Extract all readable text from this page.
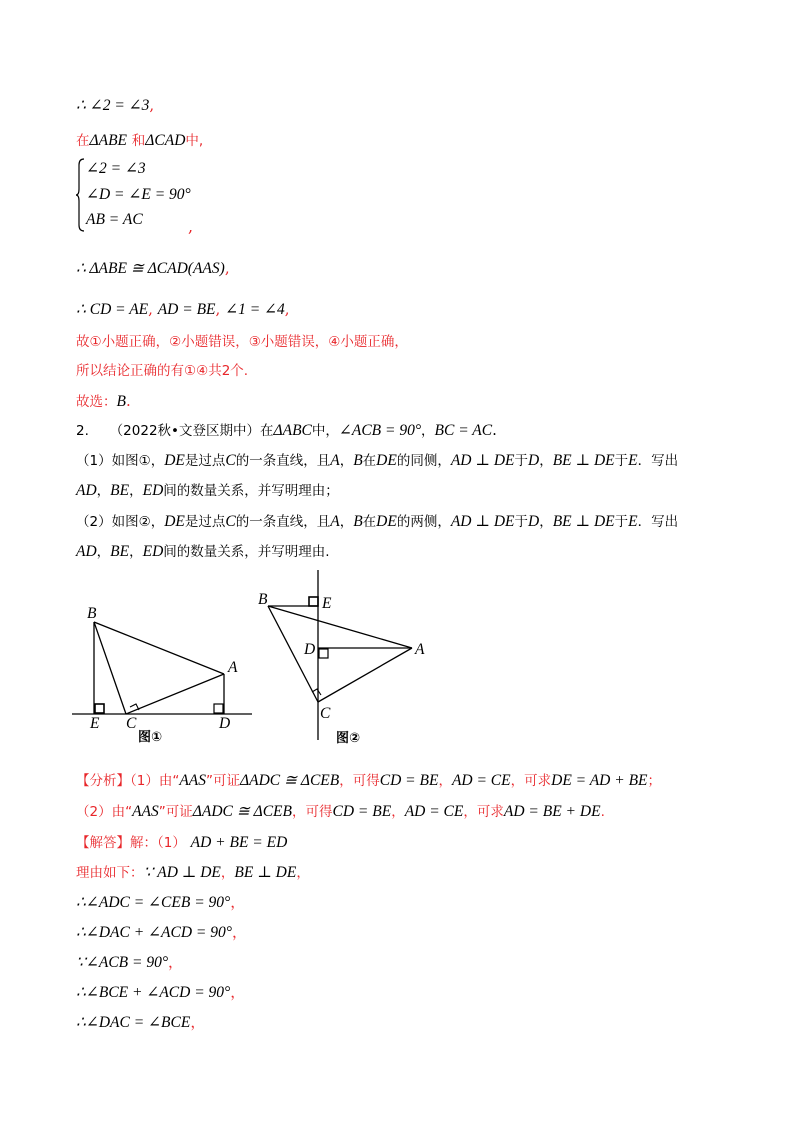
∴ ∠2 = ∠3,
在ΔABE 和ΔCAD中,
∠2 = ∠3
∠D = ∠E = 90°
AB = AC	,
∴ ΔABE ≅ ΔCAD(AAS),
∴ CD = AE, AD = BE, ∠1 = ∠4,
故①小题正确，②小题错误，③小题错误，④小题正确，
所以结论正确的有①④共2个.
故选：B.
2. （2022秋•文登区期中）在ΔABC中，∠ACB = 90°，BC = AC.
（1）如图①，DE是过点C的一条直线，且A，B在DE的同侧，AD ⊥ DE于D，BE ⊥ DE于E．写出
AD，BE，ED间的数量关系，并写明理由；
（2）如图②，DE是过点C的一条直线，且A，B在DE的两侧，AD ⊥ DE于D，BE ⊥ DE于E．写出
AD，BE，ED间的数量关系，并写明理由.
B
A
E C	D
图①
B	E
D	A
C
图②
【分析】（1）由“AAS”可证ΔADC ≅ ΔCEB，可得CD = BE，AD = CE，可求DE = AD + BE；
（2）由“AAS”可证ΔADC ≅ ΔCEB，可得CD = BE，AD = CE，可求AD = BE + DE.
【解答】解：（1） AD + BE = ED
理由如下：∵ AD ⊥ DE，BE ⊥ DE，
∴∠ADC = ∠CEB = 90°，
∴∠DAC + ∠ACD = 90°，
∵∠ACB = 90°，
∴∠BCE + ∠ACD = 90°，
∴∠DAC = ∠BCE，
